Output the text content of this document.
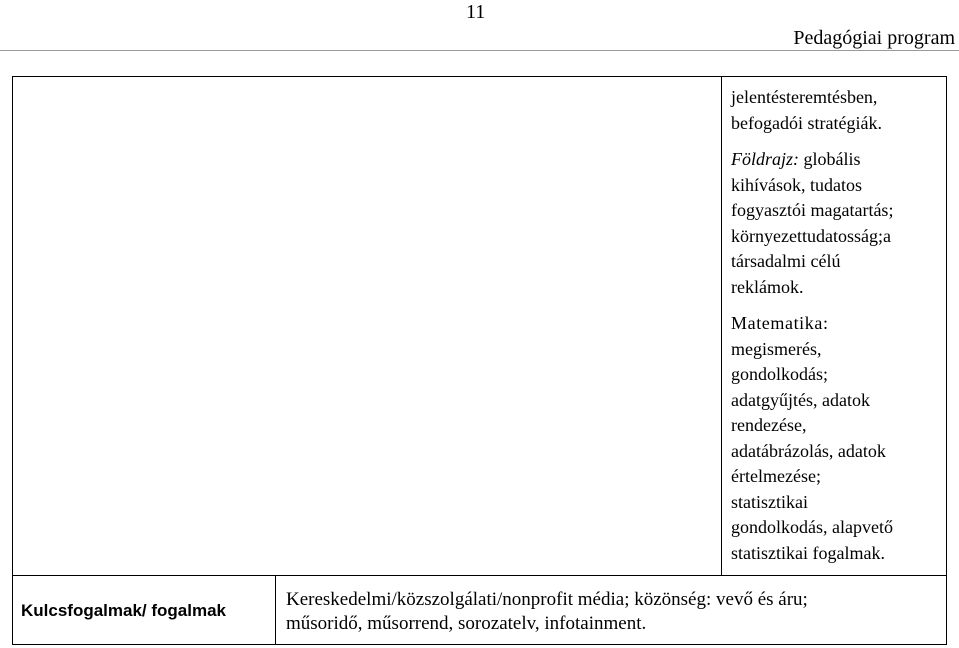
11
Pedagógiai program

jelentésteremtésben,

befogadói stratégiák.

Földrajz: globális

kihívások, tudatos

fogyasztói magatartás;

környezettudatosság;a

társadalmi célú

reklámok.

Matematika:

megismerés,

gondolkodás;

adatgyűjtés, adatok

rendezése,

adatábrázolás, adatok

értelmezése;

statisztikai

gondolkodás, alapvető

statisztikai fogalmak.

Kulcsfogalmak/ fogalmak
Kereskedelmi/közszolgálati/nonprofit média; közönség: vevő és áru;
műsoridő, műsorrend, sorozatelv, infotainment.
